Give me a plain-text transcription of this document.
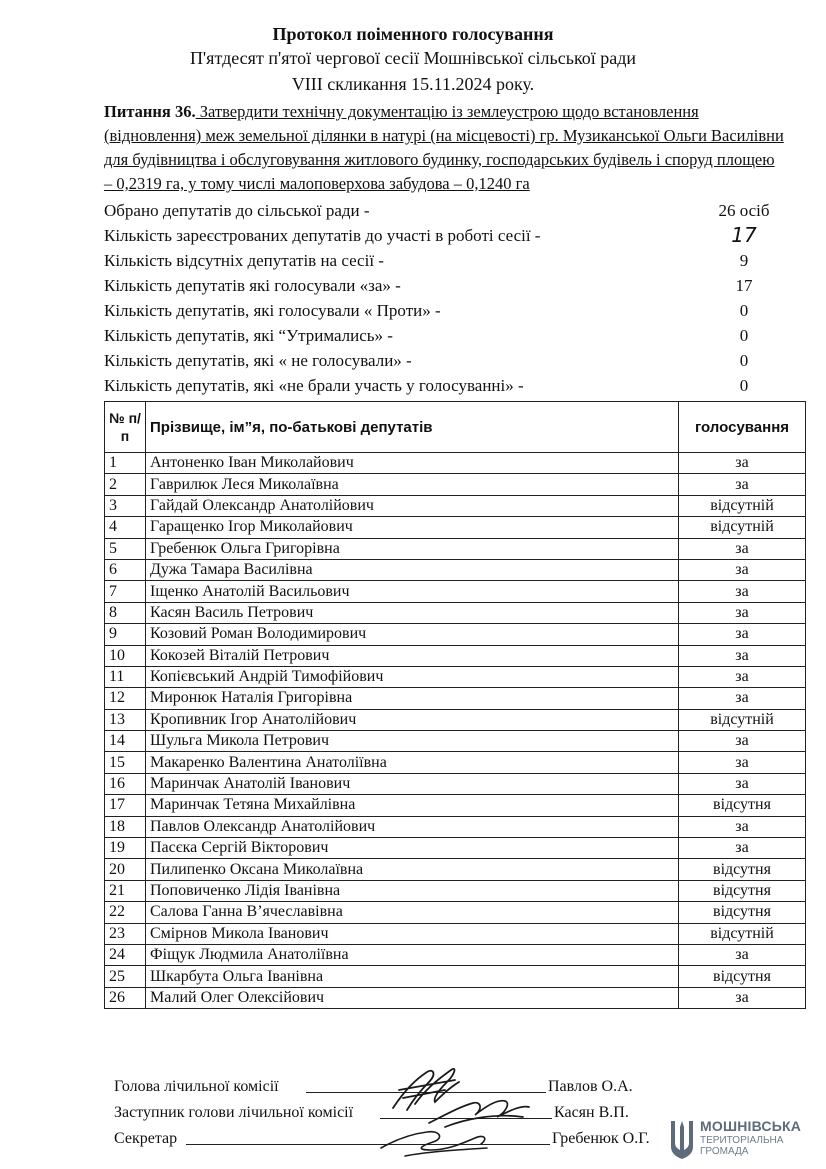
Протокол поіменного голосування
П'ятдесят п'ятої чергової сесії Мошнівської сільської ради
VIII скликання 15.11.2024 року.
Питання 36. Затвердити технічну документацію із землеустрою щодо встановлення (відновлення) меж земельної ділянки в натурі (на місцевості) гр. Музиканської Ольги Василівни для будівництва і обслуговування житлового будинку, господарських будівель і споруд площею – 0,2319 га, у тому числі малоповерхова забудова – 0,1240 га
Обрано депутатів до сільської ради -	26 осіб
Кількість зареєстрованих депутатів до участі в роботі сесії -	17
Кількість відсутніх депутатів на сесії -	9
Кількість депутатів які голосували «за» -	17
Кількість депутатів, які голосували « Проти» -	0
Кількість депутатів, які “Утримались» -	0
Кількість депутатів, які « не голосували» -	0
Кількість депутатів, які «не брали участь у голосуванні» -	0
№ п/п	Прізвище, ім”я, по-батькові депутатів	голосування
1	Антоненко Іван Миколайович	за
2	Гаврилюк Леся Миколаївна	за
3	Гайдай Олександр Анатолійович	відсутній
4	Гаращенко Ігор Миколайович	відсутній
5	Гребенюк Ольга Григорівна	за
6	Дужа Тамара Василівна	за
7	Іщенко Анатолій Васильович	за
8	Касян Василь Петрович	за
9	Козовий Роман Володимирович	за
10	Кокозей Віталій Петрович	за
11	Копієвський Андрій Тимофійович	за
12	Миронюк Наталія Григорівна	за
13	Кропивник Ігор Анатолійович	відсутній
14	Шульга Микола Петрович	за
15	Макаренко Валентина Анатоліївна	за
16	Маринчак Анатолій Іванович	за
17	Маринчак Тетяна Михайлівна	відсутня
18	Павлов Олександр Анатолійович	за
19	Пасєка Сергій Вікторович	за
20	Пилипенко Оксана Миколаївна	відсутня
21	Поповиченко Лідія Іванівна	відсутня
22	Салова Ганна В’ячеславівна	відсутня
23	Смірнов Микола Іванович	відсутній
24	Фіщук Людмила Анатоліївна	за
25	Шкарбута Ольга Іванівна	відсутня
26	Малий Олег Олексійович	за
Голова лічильної комісії	Павлов О.А.
Заступник голови лічильної комісії	Касян В.П.
Секретар	Гребенюк О.Г.
МОШНІВСЬКА
ТЕРИТОРІАЛЬНА
ГРОМАДА
